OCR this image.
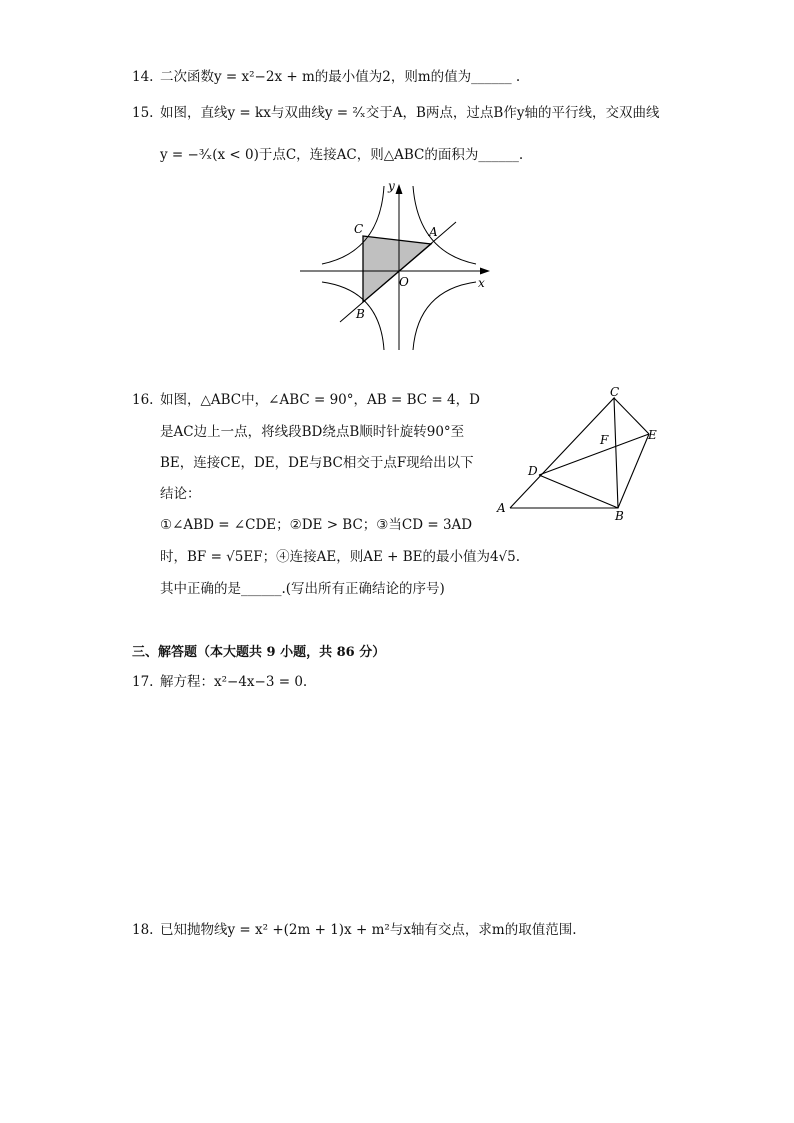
14. 二次函数y = x²−2x + m的最小值为2，则m的值为______ .
15. 如图，直线y = kx与双曲线y = ²⁄ₓ交于A，B两点，过点B作y轴的平行线，交双曲线
y = −³⁄ₓ(x < 0)于点C，连接AC，则△ABC的面积为______.
y
x
O
C	A
B
16. 如图，△ABC中，∠ABC = 90°，AB = BC = 4，D
是AC边上一点，将线段BD绕点B顺时针旋转90°至
BE，连接CE，DE，DE与BC相交于点F现给出以下
结论：
①∠ABD = ∠CDE；②DE > BC；③当CD = 3AD
时，BF = √5EF；④连接AE，则AE + BE的最小值为4√5.
其中正确的是______.(写出所有正确结论的序号)
C
F	E
D
A
B
三、解答题（本大题共 9 小题，共 86 分）
17. 解方程：x²−4x−3 = 0.
18. 已知抛物线y = x² +(2m + 1)x + m²与x轴有交点，求m的取值范围.
